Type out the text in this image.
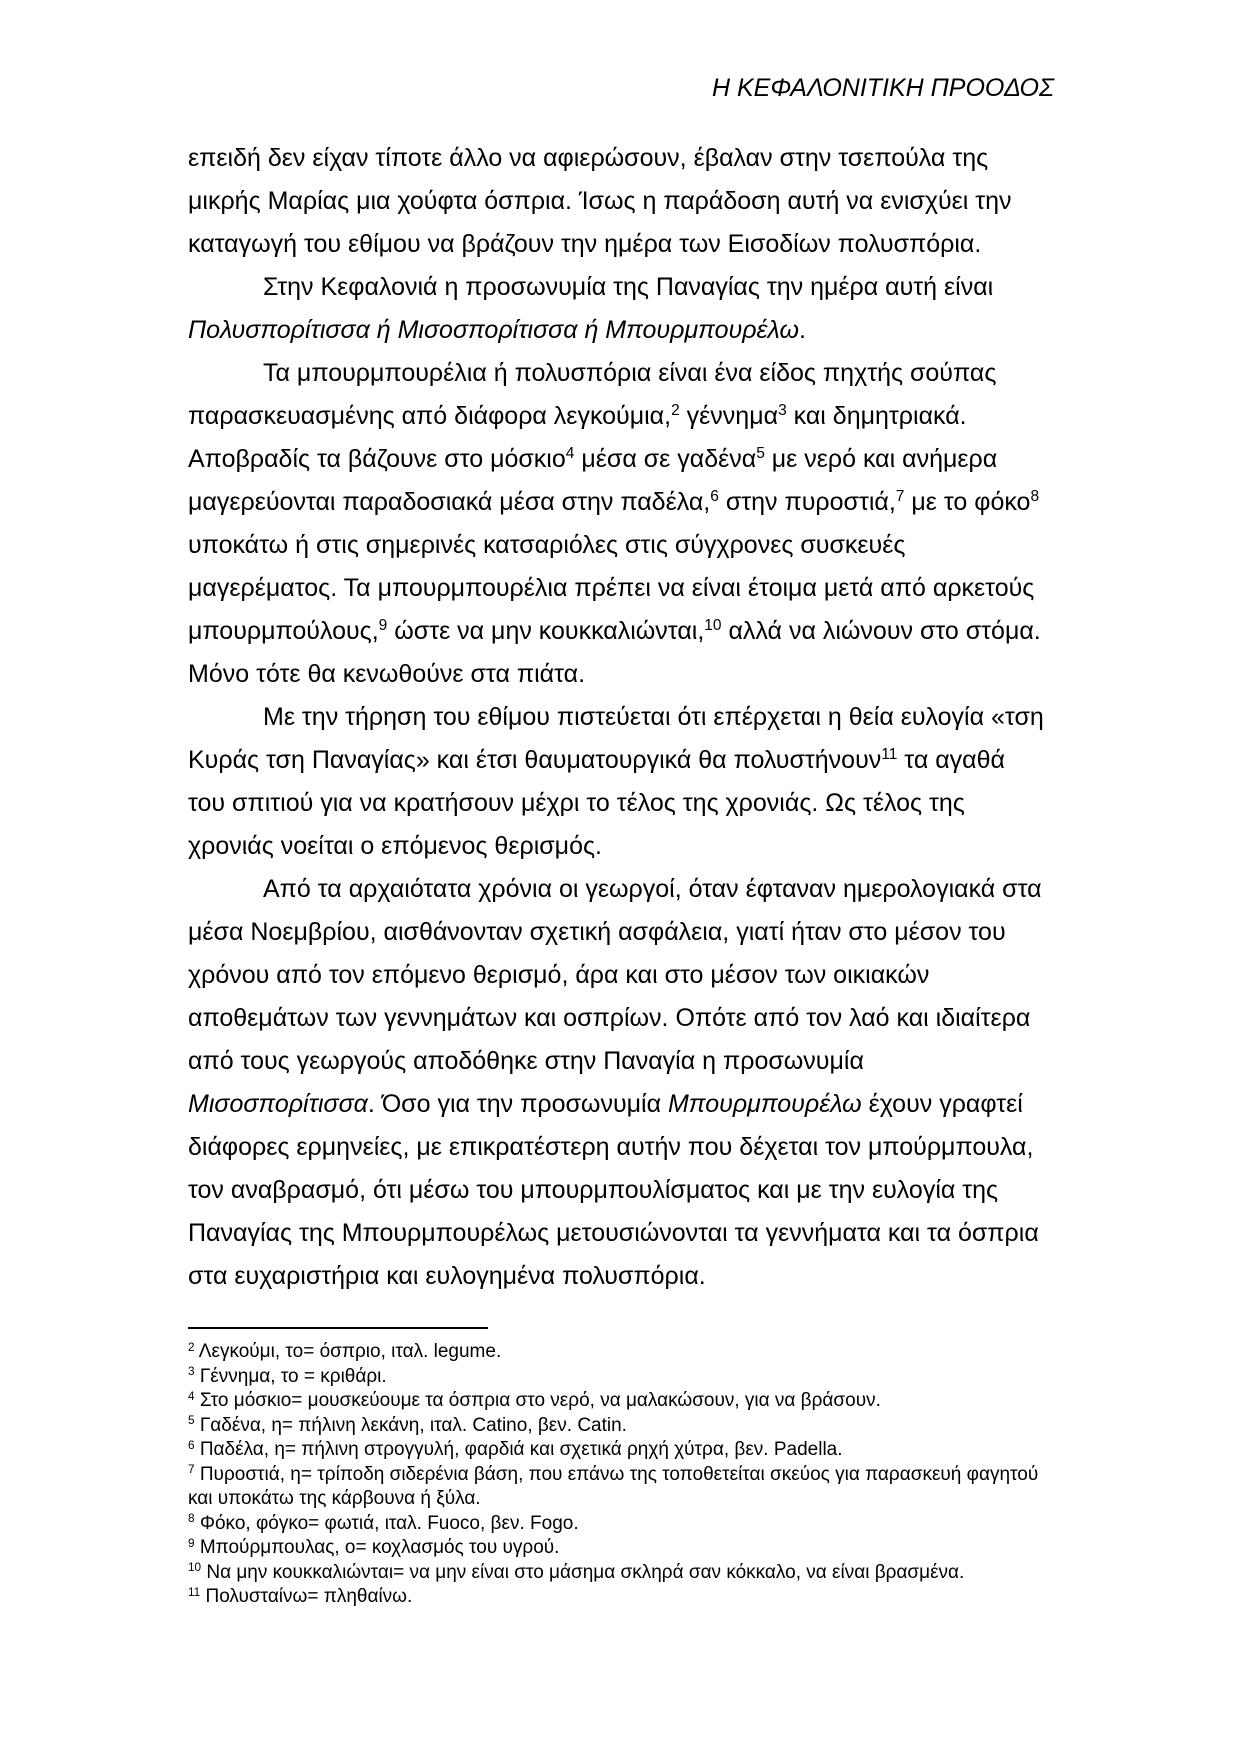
Η ΚΕΦΑΛΟΝΙΤΙΚΗ ΠΡΟΟΔΟΣ
επειδή δεν είχαν τίποτε άλλο να αφιερώσουν, έβαλαν στην τσεπούλα της
μικρής Μαρίας μια χούφτα όσπρια. Ίσως η παράδοση αυτή να ενισχύει την
καταγωγή του εθίμου να βράζουν την ημέρα των Εισοδίων πολυσπόρια.
Στην Κεφαλονιά η προσωνυμία της Παναγίας την ημέρα αυτή είναι
Πολυσπορίτισσα ή Μισοσπορίτισσα ή Μπουρμπουρέλω.
Τα μπουρμπουρέλια ή πολυσπόρια είναι ένα είδος πηχτής σούπας
παρασκευασμένης από διάφορα λεγκούμια,$^2$ γέννημα$^3$ και δημητριακά.
Αποβραδίς τα βάζουνε στο μόσκιο$^4$ μέσα σε γαδένα$^5$ με νερό και ανήμερα
μαγερεύονται παραδοσιακά μέσα στην παδέλα,$^6$ στην πυροστιά,$^7$ με το φόκο$^8$
υποκάτω ή στις σημερινές κατσαριόλες στις σύγχρονες συσκευές
μαγερέματος. Τα μπουρμπουρέλια πρέπει να είναι έτοιμα μετά από αρκετούς
μπουρμπούλους,$^9$ ώστε να μην κουκκαλιώνται,$^{10}$ αλλά να λιώνουν στο στόμα.
Μόνο τότε θα κενωθούνε στα πιάτα.
Με την τήρηση του εθίμου πιστεύεται ότι επέρχεται η θεία ευλογία «τση
Κυράς τση Παναγίας» και έτσι θαυματουργικά θα πολυστήνουν$^{11}$ τα αγαθά
του σπιτιού για να κρατήσουν μέχρι το τέλος της χρονιάς. Ως τέλος της
χρονιάς νοείται ο επόμενος θερισμός.
Από τα αρχαιότατα χρόνια οι γεωργοί, όταν έφταναν ημερολογιακά στα
μέσα Νοεμβρίου, αισθάνονταν σχετική ασφάλεια, γιατί ήταν στο μέσον του
χρόνου από τον επόμενο θερισμό, άρα και στο μέσον των οικιακών
αποθεμάτων των γεννημάτων και οσπρίων. Οπότε από τον λαό και ιδιαίτερα
από τους γεωργούς αποδόθηκε στην Παναγία η προσωνυμία
Μισοσπορίτισσα. Όσο για την προσωνυμία Μπουρμπουρέλω έχουν γραφτεί
διάφορες ερμηνείες, με επικρατέστερη αυτήν που δέχεται τον μπούρμπουλα,
τον αναβρασμό, ότι μέσω του μπουρμπουλίσματος και με την ευλογία της
Παναγίας της Μπουρμπουρέλως μετουσιώνονται τα γεννήματα και τα όσπρια
στα ευχαριστήρια και ευλογημένα πολυσπόρια.
$^2$ Λεγκούμι, το= όσπριο, ιταλ. legume.
$^3$ Γέννημα, το = κριθάρι.
$^4$ Στο μόσκιο= μουσκεύουμε τα όσπρια στο νερό, να μαλακώσουν, για να βράσουν.
$^5$ Γαδένα, η= πήλινη λεκάνη, ιταλ. Catino, βεν. Catin.
$^6$ Παδέλα, η= πήλινη στρογγυλή, φαρδιά και σχετικά ρηχή χύτρα, βεν. Padella.
$^7$ Πυροστιά, η= τρίποδη σιδερένια βάση, που επάνω της τοποθετείται σκεύος για παρασκευή φαγητού και υποκάτω της κάρβουνα ή ξύλα.
$^8$ Φόκο, φόγκο= φωτιά, ιταλ. Fuoco, βεν. Fogo.
$^9$ Μπούρμπουλας, ο= κοχλασμός του υγρού.
$^{10}$ Να μην κουκκαλιώνται= να μην είναι στο μάσημα σκληρά σαν κόκκαλο, να είναι βρασμένα.
$^{11}$ Πολυσταίνω= πληθαίνω.
